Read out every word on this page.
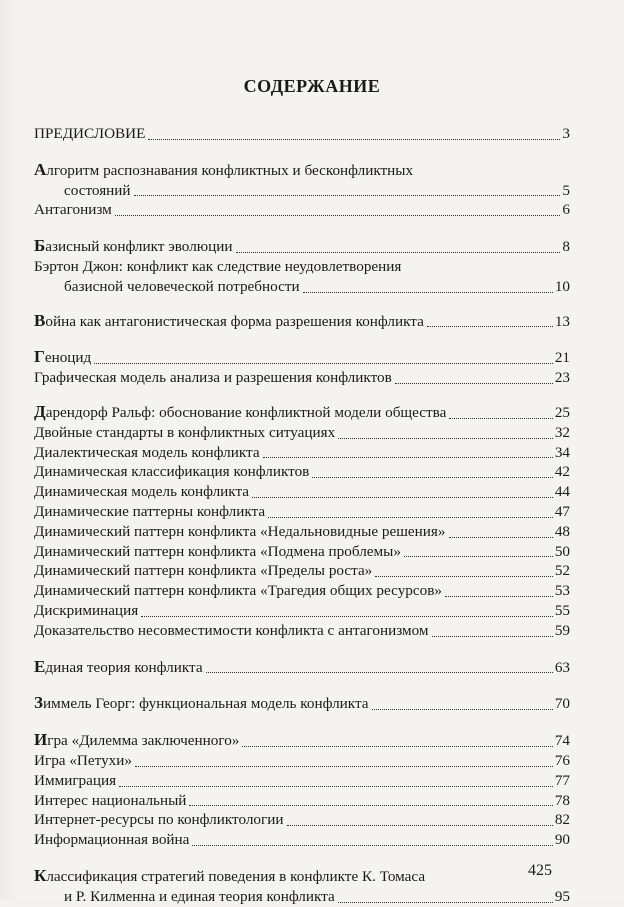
СОДЕРЖАНИЕ
ПРЕДИСЛОВИЕ	3
Алгоритм распознавания конфликтных и бесконфликтных
состояний	5
Антагонизм	6
Базисный конфликт эволюции	8
Бэртон Джон: конфликт как следствие неудовлетворения
базисной человеческой потребности	10
Война как антагонистическая форма разрешения конфликта	13
Геноцид	21
Графическая модель анализа и разрешения конфликтов	23
Дарендорф Ральф: обоснование конфликтной модели общества	25
Двойные стандарты в конфликтных ситуациях	32
Диалектическая модель конфликта	34
Динамическая классификация конфликтов	42
Динамическая модель конфликта	44
Динамические паттерны конфликта	47
Динамический паттерн конфликта «Недальновидные решения»	48
Динамический паттерн конфликта «Подмена проблемы»	50
Динамический паттерн конфликта «Пределы роста»	52
Динамический паттерн конфликта «Трагедия общих ресурсов»	53
Дискриминация	55
Доказательство несовместимости конфликта с антагонизмом	59
Единая теория конфликта	63
Зиммель Георг: функциональная модель конфликта	70
Игра «Дилемма заключенного»	74
Игра «Петухи»	76
Иммиграция	77
Интерес национальный	78
Интернет-ресурсы по конфликтологии	82
Информационная война	90
Классификация стратегий поведения в конфликте К. Томаса
и Р. Килменна и единая теория конфликта	95
425
